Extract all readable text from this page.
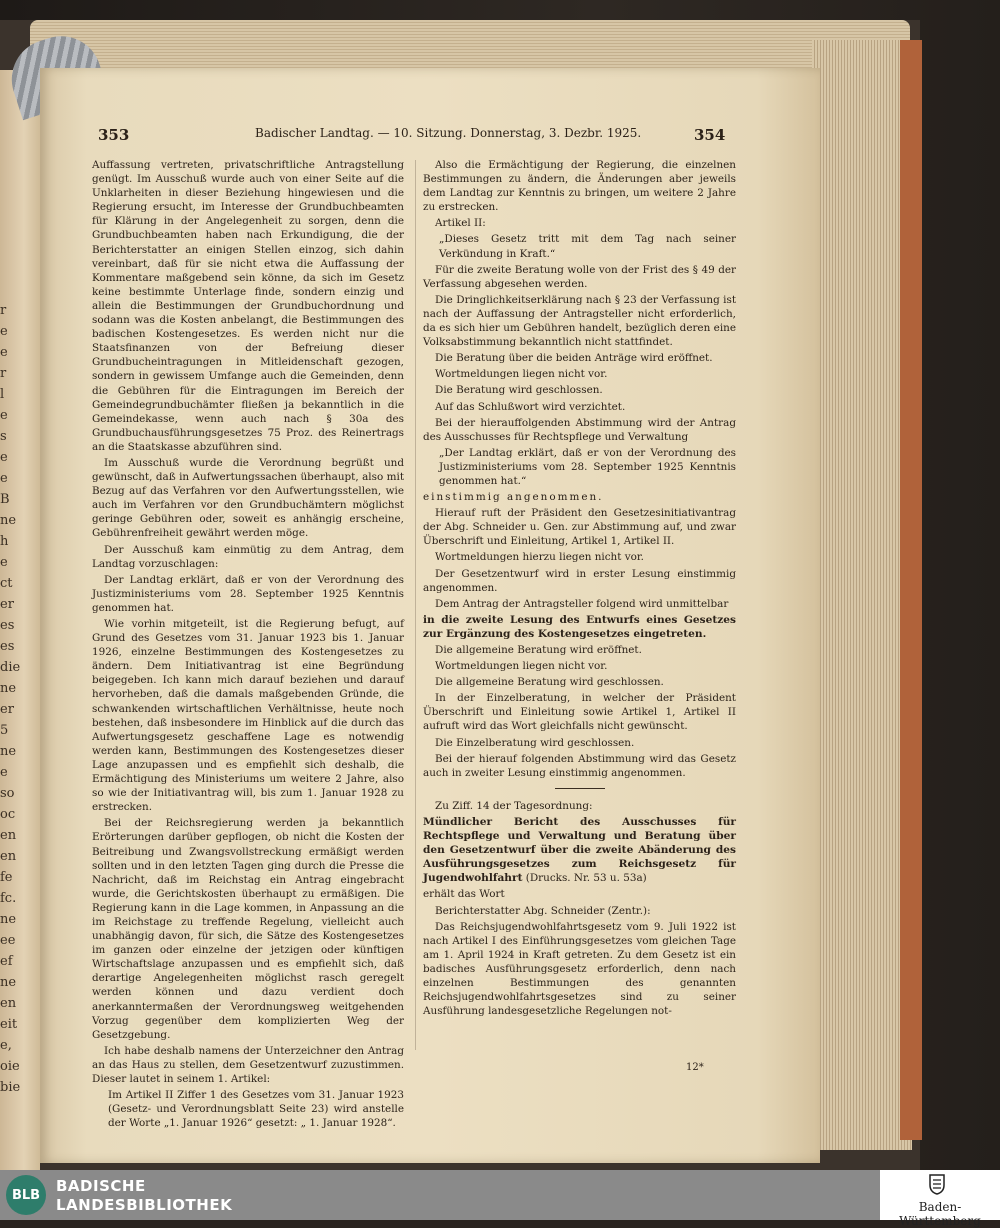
r
e
e
r
l
e
s
e
e
B
ne
h
e
ct
er
es
es
die
ne
er
5
ne
e
so
oc
en
en
fe
fc.
ne
ee
ef
ne
en
eit
e,
oie
bie
353	Badischer Landtag. — 10. Sitzung. Donnerstag, 3. Dezbr. 1925.	354

Auffassung vertreten, privatschriftliche Antragstellung genügt. Im Ausschuß wurde auch von einer Seite auf die Unklarheiten in dieser Beziehung hingewiesen und die Regierung ersucht, im Interesse der Grundbuchbeamten für Klärung in der Angelegenheit zu sorgen, denn die Grundbuchbeamten haben nach Erkundigung, die der Berichterstatter an einigen Stellen einzog, sich dahin vereinbart, daß für sie nicht etwa die Auffassung der Kommentare maßgebend sein könne, da sich im Gesetz keine bestimmte Unterlage finde, sondern einzig und allein die Bestimmungen der Grundbuchordnung und sodann was die Kosten anbelangt, die Bestimmungen des badischen Kostengesetzes. Es werden nicht nur die Staatsfinanzen von der Befreiung dieser Grundbucheintragungen in Mitleidenschaft gezogen, sondern in gewissem Umfange auch die Gemeinden, denn die Gebühren für die Eintragungen im Bereich der Gemeindegrundbuchämter fließen ja bekanntlich in die Gemeindekasse, wenn auch nach § 30a des Grundbuchausführungsgesetzes 75 Proz. des Reinertrags an die Staatskasse abzuführen sind.

Im Ausschuß wurde die Verordnung begrüßt und gewünscht, daß in Aufwertungssachen überhaupt, also mit Bezug auf das Verfahren vor den Aufwertungsstellen, wie auch im Verfahren vor den Grundbuchämtern möglichst geringe Gebühren oder, soweit es anhängig erscheine, Gebührenfreiheit gewährt werden möge.

Der Ausschuß kam einmütig zu dem Antrag, dem Landtag vorzuschlagen:

Der Landtag erklärt, daß er von der Verordnung des Justizministeriums vom 28. September 1925 Kenntnis genommen hat.

Wie vorhin mitgeteilt, ist die Regierung befugt, auf Grund des Gesetzes vom 31. Januar 1923 bis 1. Januar 1926, einzelne Bestimmungen des Kostengesetzes zu ändern. Dem Initiativantrag ist eine Begründung beigegeben. Ich kann mich darauf beziehen und darauf hervorheben, daß die damals maßgebenden Gründe, die schwankenden wirtschaftlichen Verhältnisse, heute noch bestehen, daß insbesondere im Hinblick auf die durch das Aufwertungsgesetz geschaffene Lage es notwendig werden kann, Bestimmungen des Kostengesetzes dieser Lage anzupassen und es empfiehlt sich deshalb, die Ermächtigung des Ministeriums um weitere 2 Jahre, also so wie der Initiativantrag will, bis zum 1. Januar 1928 zu erstrecken.

Bei der Reichsregierung werden ja bekanntlich Erörterungen darüber gepflogen, ob nicht die Kosten der Beitreibung und Zwangsvollstreckung ermäßigt werden sollten und in den letzten Tagen ging durch die Presse die Nachricht, daß im Reichstag ein Antrag eingebracht wurde, die Gerichtskosten überhaupt zu ermäßigen. Die Regierung kann in die Lage kommen, in Anpassung an die im Reichstage zu treffende Regelung, vielleicht auch unabhängig davon, für sich, die Sätze des Kostengesetzes im ganzen oder einzelne der jetzigen oder künftigen Wirtschaftslage anzupassen und es empfiehlt sich, daß derartige Angelegenheiten möglichst rasch geregelt werden können und dazu verdient doch anerkanntermaßen der Verordnungsweg weitgehenden Vorzug gegenüber dem komplizierten Weg der Gesetzgebung.

Ich habe deshalb namens der Unterzeichner den Antrag an das Haus zu stellen, dem Gesetzentwurf zuzustimmen. Dieser lautet in seinem 1. Artikel:

Im Artikel II Ziffer 1 des Gesetzes vom 31. Januar 1923 (Gesetz- und Verordnungsblatt Seite 23) wird anstelle der Worte „1. Januar 1926“ gesetzt: „ 1. Januar 1928“.

Also die Ermächtigung der Regierung, die einzelnen Bestimmungen zu ändern, die Änderungen aber jeweils dem Landtag zur Kenntnis zu bringen, um weitere 2 Jahre zu erstrecken.

Artikel II:

„Dieses Gesetz tritt mit dem Tag nach seiner Verkündung in Kraft.“

Für die zweite Beratung wolle von der Frist des § 49 der Verfassung abgesehen werden.

Die Dringlichkeitserklärung nach § 23 der Verfassung ist nach der Auffassung der Antragsteller nicht erforderlich, da es sich hier um Gebühren handelt, bezüglich deren eine Volksabstimmung bekanntlich nicht stattfindet.

Die Beratung über die beiden Anträge wird eröffnet.

Wortmeldungen liegen nicht vor.

Die Beratung wird geschlossen.

Auf das Schlußwort wird verzichtet.

Bei der hierauffolgenden Abstimmung wird der Antrag des Ausschusses für Rechtspflege und Verwaltung

„Der Landtag erklärt, daß er von der Verordnung des Justizministeriums vom 28. September 1925 Kenntnis genommen hat.“

einstimmig angenommen.

Hierauf ruft der Präsident den Gesetzesinitiativantrag der Abg. Schneider u. Gen. zur Abstimmung auf, und zwar Überschrift und Einleitung, Artikel 1, Artikel II.

Wortmeldungen hierzu liegen nicht vor.

Der Gesetzentwurf wird in erster Lesung einstimmig angenommen.

Dem Antrag der Antragsteller folgend wird unmittelbar

in die zweite Lesung des Entwurfs eines Gesetzes zur Ergänzung des Kostengesetzes eingetreten.

Die allgemeine Beratung wird eröffnet.

Wortmeldungen liegen nicht vor.

Die allgemeine Beratung wird geschlossen.

In der Einzelberatung, in welcher der Präsident Überschrift und Einleitung sowie Artikel 1, Artikel II aufruft wird das Wort gleichfalls nicht gewünscht.

Die Einzelberatung wird geschlossen.

Bei der hierauf folgenden Abstimmung wird das Gesetz auch in zweiter Lesung einstimmig angenommen.

Zu Ziff. 14 der Tagesordnung:

Mündlicher Bericht des Ausschusses für Rechtspflege und Verwaltung und Beratung über den Gesetzentwurf über die zweite Abänderung des Ausführungsgesetzes zum Reichsgesetz für Jugendwohlfahrt (Drucks. Nr. 53 u. 53a)

erhält das Wort

Berichterstatter Abg. Schneider (Zentr.):

Das Reichsjugendwohlfahrtsgesetz vom 9. Juli 1922 ist nach Artikel I des Einführungsgesetzes vom gleichen Tage am 1. April 1924 in Kraft getreten. Zu dem Gesetz ist ein badisches Ausführungsgesetz erforderlich, denn nach einzelnen Bestimmungen des genannten Reichsjugendwohlfahrtsgesetzes sind zu seiner Ausführung landesgesetzliche Regelungen not-

12*
BLB	BADISCHE
LANDESBIBLIOTHEK	Baden-Württemberg
